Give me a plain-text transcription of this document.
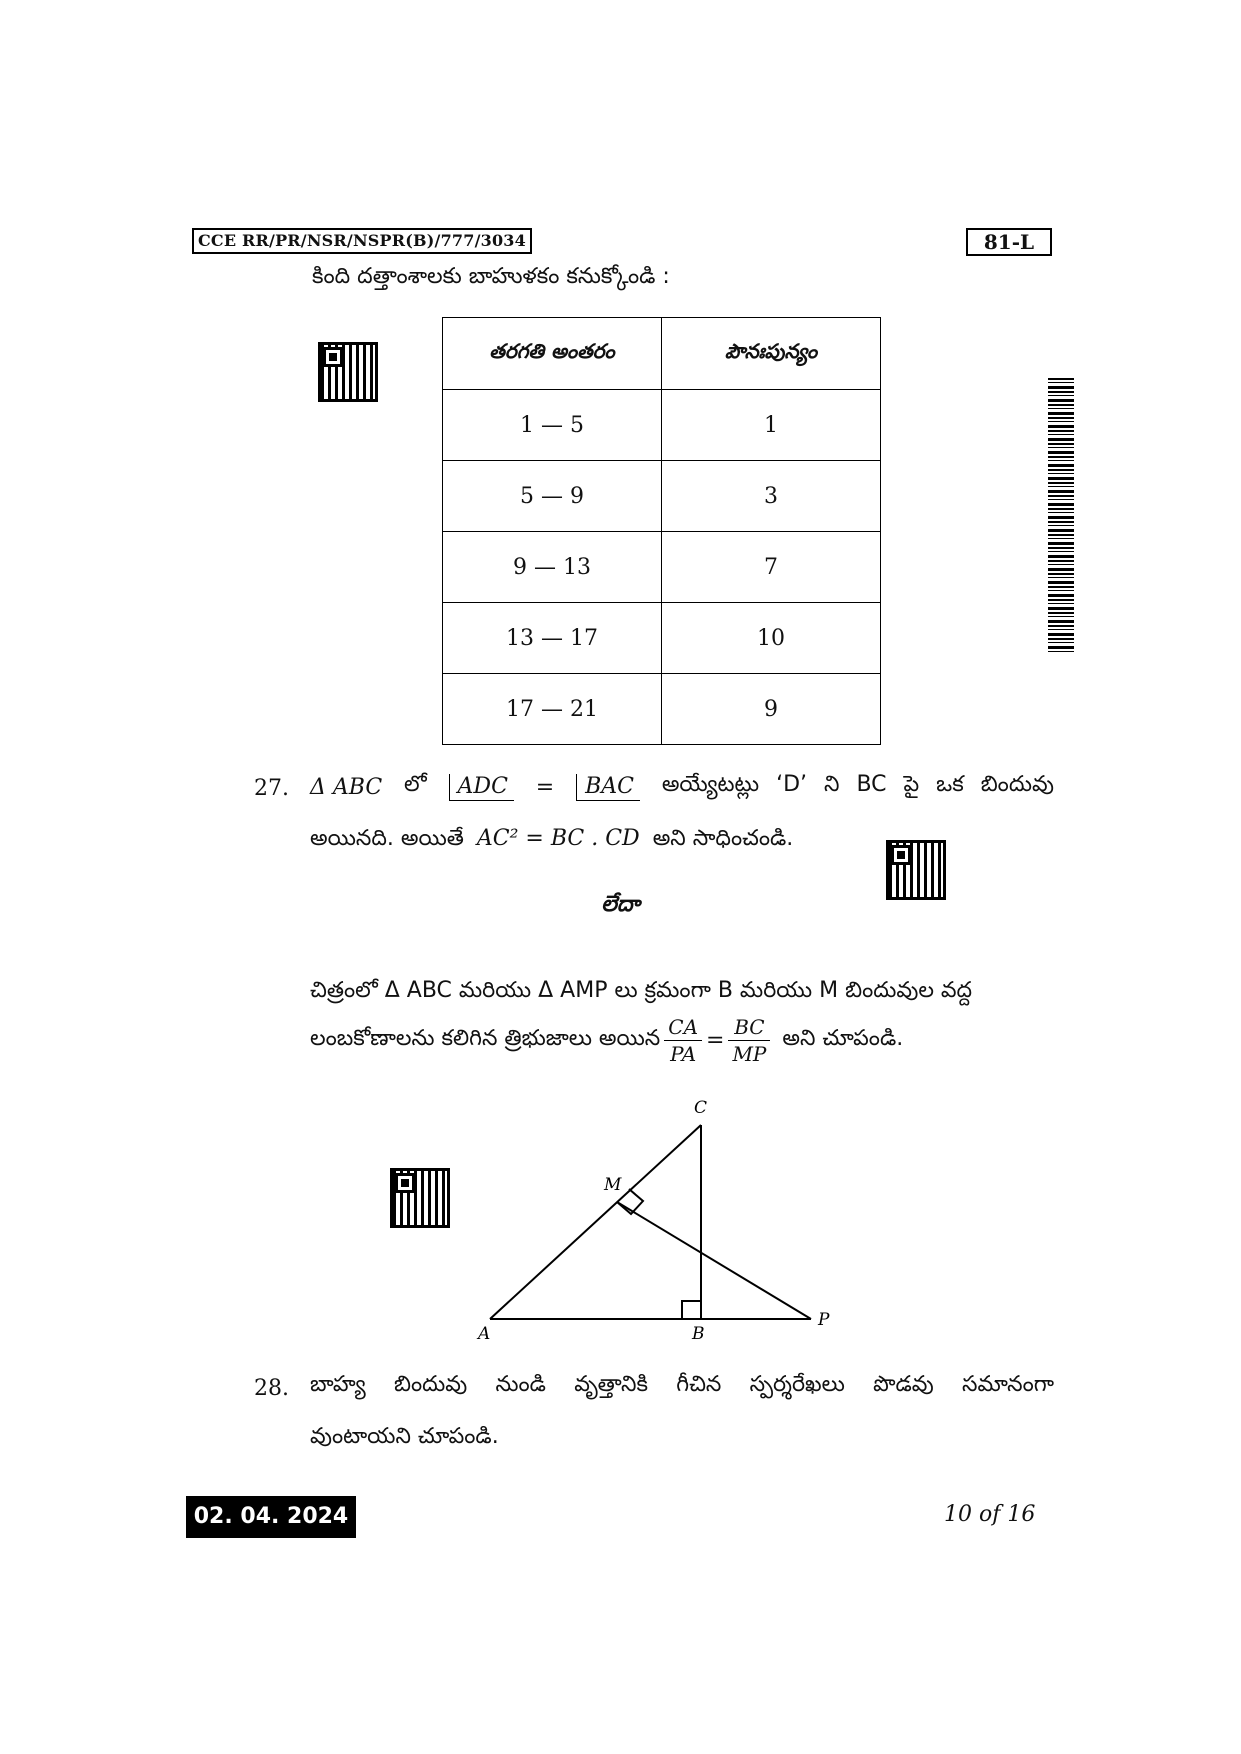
CCE RR/PR/NSR/NSPR(B)/777/3034	81-L
కింది దత్తాంశాలకు బాహుళకం కనుక్కోండి :
తరగతి అంతరం	పౌనఃపున్యం
1 — 5	1
5 — 9	3
9 — 13	7
13 — 17	10
17 — 21	9
27. Δ ABC లో	ADC =	BAC అయ్యేటట్లు ‘D’ ని BC పై ఒక బిందువు
అయినది. అయితే AC² = BC . CD అని సాధించండి.
లేదా
చిత్రంలో Δ ABC మరియు Δ AMP లు క్రమంగా B మరియు M బిందువుల వద్ద
లంబకోణాలను కలిగిన త్రిభుజాలు అయిన $\frac{CA}{PA} = \frac{BC}{MP}$ అని చూపండి.
C
M
A	B
P
28. బాహ్య బిందువు నుండి వృత్తానికి గీచిన స్పర్శరేఖలు పొడవు సమానంగా
వుంటాయని చూపండి.
02. 04. 2024	10 of 16
